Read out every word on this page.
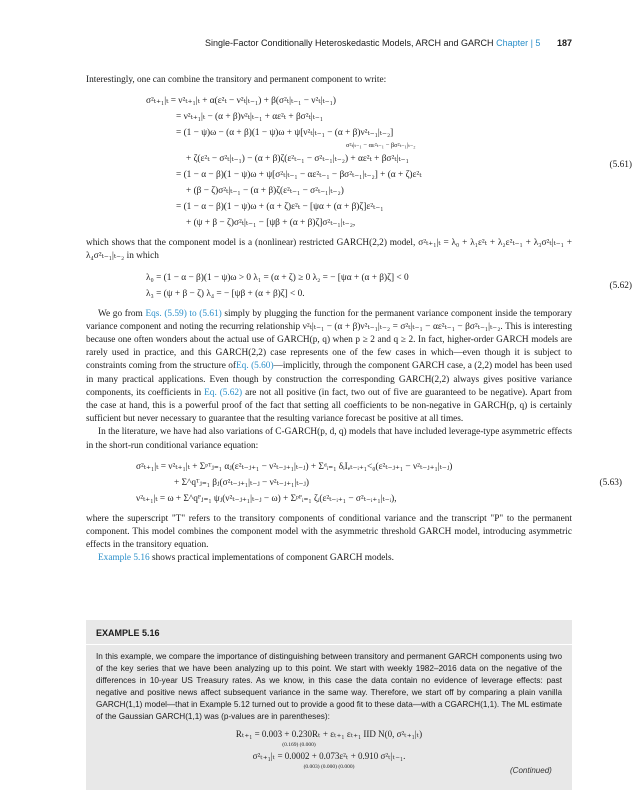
Single-Factor Conditionally Heteroskedastic Models, ARCH and GARCH Chapter | 5 187

Interestingly, one can combine the transitory and permanent component to write:

σ²ₜ₊₁|ₜ = ν²ₜ₊₁|ₜ + α(ε²ₜ − ν²ₜ|ₜ₋₁) + β(σ²ₜ|ₜ₋₁ − ν²ₜ|ₜ₋₁)
= ν²ₜ₊₁|ₜ − (α + β)ν²ₜ|ₜ₋₁ + αε²ₜ + βσ²ₜ|ₜ₋₁
= (1 − ψ)ω − (α + β)(1 − ψ)ω + ψ[ν²ₜ|ₜ₋₁ − (α + β)ν²ₜ₋₁|ₜ₋₂]
σ²ₜ|ₜ₋₁ − αε²ₜ₋₁ − βσ²ₜ₋₁|ₜ₋₂
+ ζ(ε²ₜ − σ²ₜ|ₜ₋₁) − (α + β)ζ(ε²ₜ₋₁ − σ²ₜ₋₁|ₜ₋₂) + αε²ₜ + βσ²ₜ|ₜ₋₁
= (1 − α − β)(1 − ψ)ω + ψ[σ²ₜ|ₜ₋₁ − αε²ₜ₋₁ − βσ²ₜ₋₁|ₜ₋₂] + (α + ζ)ε²ₜ
+ (β − ζ)σ²ₜ|ₜ₋₁ − (α + β)ζ(ε²ₜ₋₁ − σ²ₜ₋₁|ₜ₋₂)
= (1 − α − β)(1 − ψ)ω + (α + ζ)ε²ₜ − [ψα + (α + β)ζ]ε²ₜ₋₁
+ (ψ + β − ζ)σ²ₜ|ₜ₋₁ − [ψβ + (α + β)ζ]σ²ₜ₋₁|ₜ₋₂,
(5.61)

which shows that the component model is a (nonlinear) restricted GARCH(2,2) model, σ²ₜ₊₁|ₜ = λ₀ + λ₁ε²ₜ + λ₂ε²ₜ₋₁ + λ₃σ²ₜ|ₜ₋₁ + λ₄σ²ₜ₋₁|ₜ₋₂ in which

λ₀ = (1 − α − β)(1 − ψ)ω > 0 λ₁ = (α + ζ) ≥ 0 λ₂ = − [ψα + (α + β)ζ] < 0
λ₃ = (ψ + β − ζ) λ₄ = − [ψβ + (α + β)ζ] < 0.
(5.62)

We go from Eqs. (5.59) to (5.61) simply by plugging the function for the permanent variance component inside the temporary variance component and noting the recurring relationship ν²ₜ|ₜ₋₁ − (α + β)ν²ₜ₋₁|ₜ₋₂ = σ²ₜ|ₜ₋₁ − αε²ₜ₋₁ − βσ²ₜ₋₁|ₜ₋₂. This is interesting because one often wonders about the actual use of GARCH(p, q) when p ≥ 2 and q ≥ 2. In fact, higher-order GARCH models are rarely used in practice, and this GARCH(2,2) case represents one of the few cases in which—even though it is subject to constraints coming from the structure ofEq. (5.60)—implicitly, through the component GARCH case, a (2,2) model has been used in many practical applications. Even though by construction the corresponding GARCH(2,2) always gives positive variance components, its coefficients in Eq. (5.62) are not all positive (in fact, two out of five are guaranteed to be negative). Apart from the case at hand, this is a powerful proof of the fact that setting all coefficients to be non-negative in GARCH(p, q) is certainly sufficient but never necessary to guarantee that the resulting variance forecast be positive at all times.

In the literature, we have had also variations of C-GARCH(p, d, q) models that have included leverage-type asymmetric effects in the short-run conditional variance equation:

σ²ₜ₊₁|ₜ = ν²ₜ₊₁|ₜ + Σᵖᵀⱼ₌₁ αⱼ(ε²ₜ₋ⱼ₊₁ − ν²ₜ₋ⱼ₊₁|ₜ₋ⱼ) + Σᵈᵢ₌₁ δᵢIₑₜ₋ᵢ₊₁<₀(ε²ₜ₋ⱼ₊₁ − ν²ₜ₋ⱼ₊₁|ₜ₋ⱼ)
+ Σ^qᵀⱼ₌₁ βⱼ(σ²ₜ₋ⱼ₊₁|ₜ₋ⱼ − ν²ₜ₋ⱼ₊₁|ₜ₋ⱼ)
ν²ₜ₊₁|ₜ = ω + Σ^qᴾⱼ₌₁ ψⱼ(ν²ₜ₋ⱼ₊₁|ₜ₋ⱼ − ω) + Σᵖᴾᵢ₌₁ ζᵢ(ε²ₜ₋ᵢ₊₁ − σ²ₜ₋ᵢ₊₁|ₜ₋ᵢ),
(5.63)

where the superscript "T" refers to the transitory components of conditional variance and the transcript "P" to the permanent component. This model combines the component model with the asymmetric threshold GARCH model, introducing asymmetric effects in the transitory equation.

Example 5.16 shows practical implementations of component GARCH models.

EXAMPLE 5.16
In this example, we compare the importance of distinguishing between transitory and permanent GARCH components using two of the key series that we have been analyzing up to this point. We start with weekly 1982–2016 data on the negative of the differences in 10-year US Treasury rates. As we know, in this case the data contain no evidence of leverage effects: past negative and positive news affect subsequent variance in the same way. Therefore, we start off by comparing a plain vanilla GARCH(1,1) model—that in Example 5.12 turned out to provide a good fit to these data—with a CGARCH(1,1). The ML estimate of the Gaussian GARCH(1,1) was (p-values are in parentheses):
Rₜ₊₁ = 0.003 + 0.230Rₜ + εₜ₊₁ εₜ₊₁ IID N(0, σ²ₜ₊₁|ₜ)
(0.169) (0.000)
σ²ₜ₊₁|ₜ = 0.0002 + 0.073ε²ₜ + 0.910 σ²ₜ|ₜ₋₁.
(0.003) (0.000) (0.000)	(Continued)
